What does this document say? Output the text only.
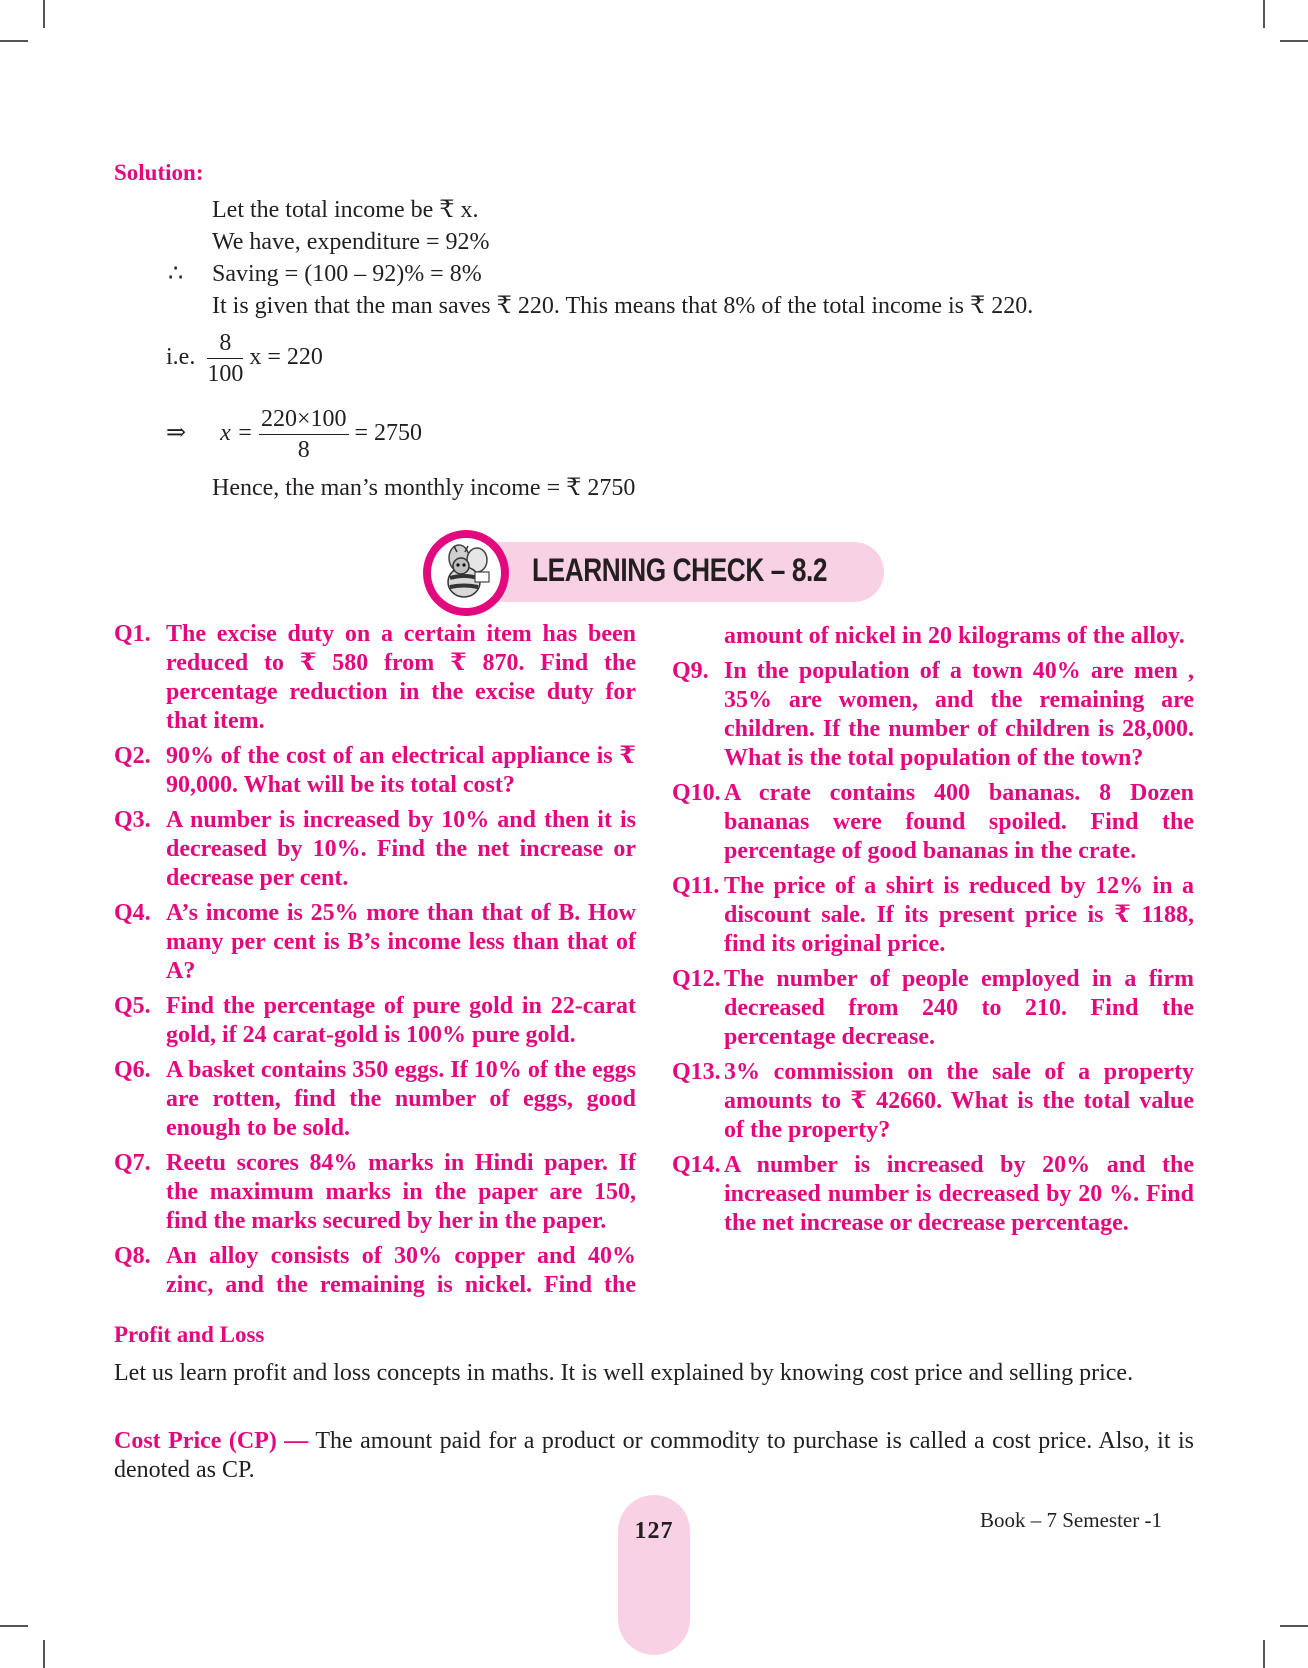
Solution:
Let the total income be ₹ x.
We have, expenditure = 92%
∴ Saving = (100 – 92)% = 8%
It is given that the man saves ₹ 220. This means that 8% of the total income is ₹ 220.
i.e. $\frac{8}{100}$ x = 220
⇒ $x = \frac{220\times 100}{8} = 2750$
Hence, the man’s monthly income = ₹ 2750
LEARNING CHECK – 8.2
Q1. The excise duty on a certain item has been reduced to ₹ 580 from ₹ 870. Find the percentage reduction in the excise duty for that item.
Q2. 90% of the cost of an electrical appliance is ₹ 90,000. What will be its total cost?
Q3. A number is increased by 10% and then it is decreased by 10%. Find the net increase or decrease per cent.
Q4. A’s income is 25% more than that of B. How many per cent is B’s income less than that of A?
Q5. Find the percentage of pure gold in 22-carat gold, if 24 carat-gold is 100% pure gold.
Q6. A basket contains 350 eggs. If 10% of the eggs are rotten, find the number of eggs, good enough to be sold.
Q7. Reetu scores 84% marks in Hindi paper. If the maximum marks in the paper are 150, find the marks secured by her in the paper.
Q8. An alloy consists of 30% copper and 40% zinc, and the remaining is nickel. Find the
amount of nickel in 20 kilograms of the alloy.
Q9. In the population of a town 40% are men , 35% are women, and the remaining are children. If the number of children is 28,000. What is the total population of the town?
Q10. A crate contains 400 bananas. 8 Dozen bananas were found spoiled. Find the percentage of good bananas in the crate.
Q11. The price of a shirt is reduced by 12% in a discount sale. If its present price is ₹ 1188, find its original price.
Q12. The number of people employed in a firm decreased from 240 to 210. Find the percentage decrease.
Q13. 3% commission on the sale of a property amounts to ₹ 42660. What is the total value of the property?
Q14. A number is increased by 20% and the increased number is decreased by 20 %. Find the net increase or decrease percentage.
Profit and Loss
Let us learn profit and loss concepts in maths. It is well explained by knowing cost price and selling price.
Cost Price (CP) — The amount paid for a product or commodity to purchase is called a cost price. Also, it is denoted as CP.
127	Book – 7 Semester -1
